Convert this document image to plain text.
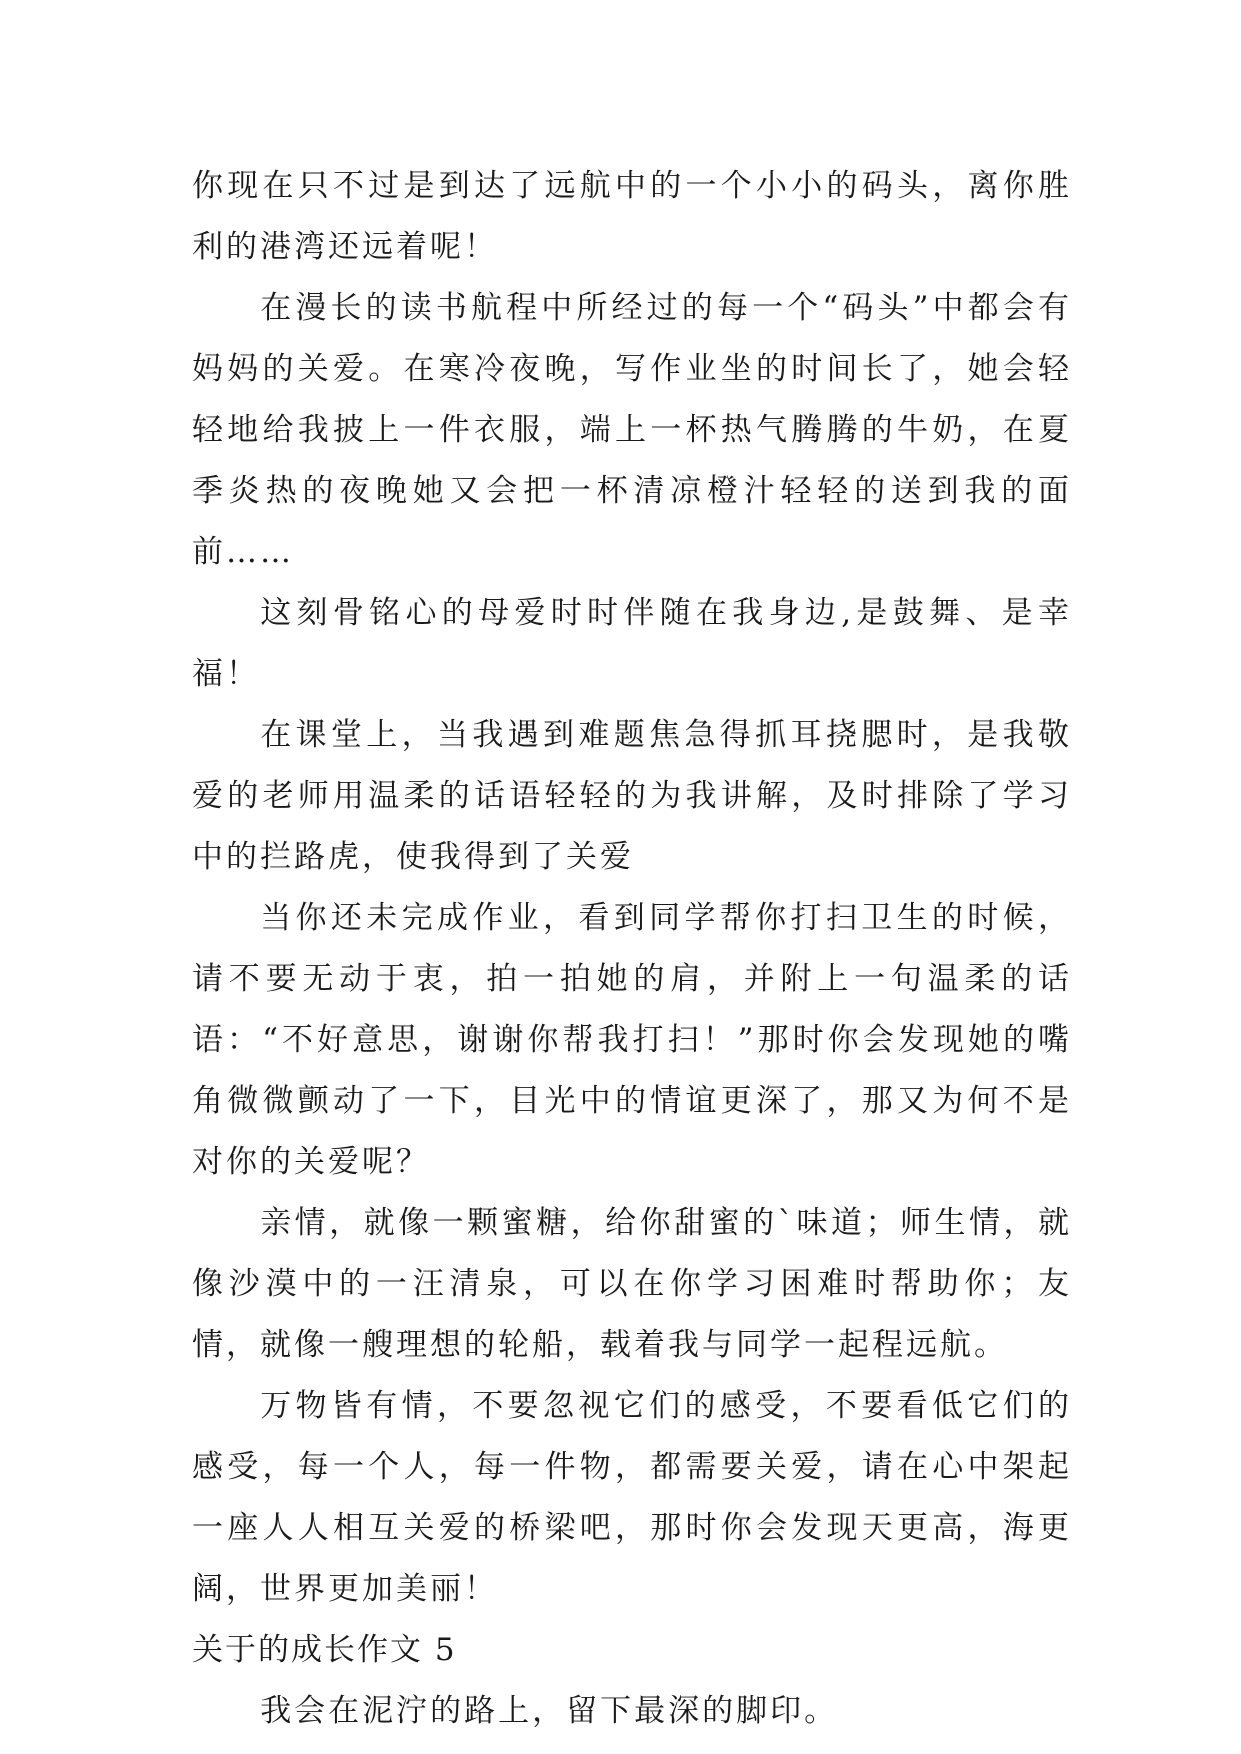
你现在只不过是到达了远航中的一个小小的码头，离你胜利的港湾还远着呢！

在漫长的读书航程中所经过的每一个“码头”中都会有妈妈的关爱。在寒冷夜晚，写作业坐的时间长了，她会轻轻地给我披上一件衣服，端上一杯热气腾腾的牛奶，在夏季炎热的夜晚她又会把一杯清凉橙汁轻轻的送到我的面前……

这刻骨铭心的母爱时时伴随在我身边,是鼓舞、是幸福！

在课堂上，当我遇到难题焦急得抓耳挠腮时，是我敬爱的老师用温柔的话语轻轻的为我讲解，及时排除了学习中的拦路虎，使我得到了关爱

当你还未完成作业，看到同学帮你打扫卫生的时候，请不要无动于衷，拍一拍她的肩，并附上一句温柔的话语：“不好意思，谢谢你帮我打扫！”那时你会发现她的嘴角微微颤动了一下，目光中的情谊更深了，那又为何不是对你的关爱呢？

亲情，就像一颗蜜糖，给你甜蜜的`味道；师生情，就像沙漠中的一汪清泉，可以在你学习困难时帮助你；友情，就像一艘理想的轮船，载着我与同学一起程远航。

万物皆有情，不要忽视它们的感受，不要看低它们的感受，每一个人，每一件物，都需要关爱，请在心中架起一座人人相互关爱的桥梁吧，那时你会发现天更高，海更阔，世界更加美丽！

关于的成长作文 5

我会在泥泞的路上，留下最深的脚印。
